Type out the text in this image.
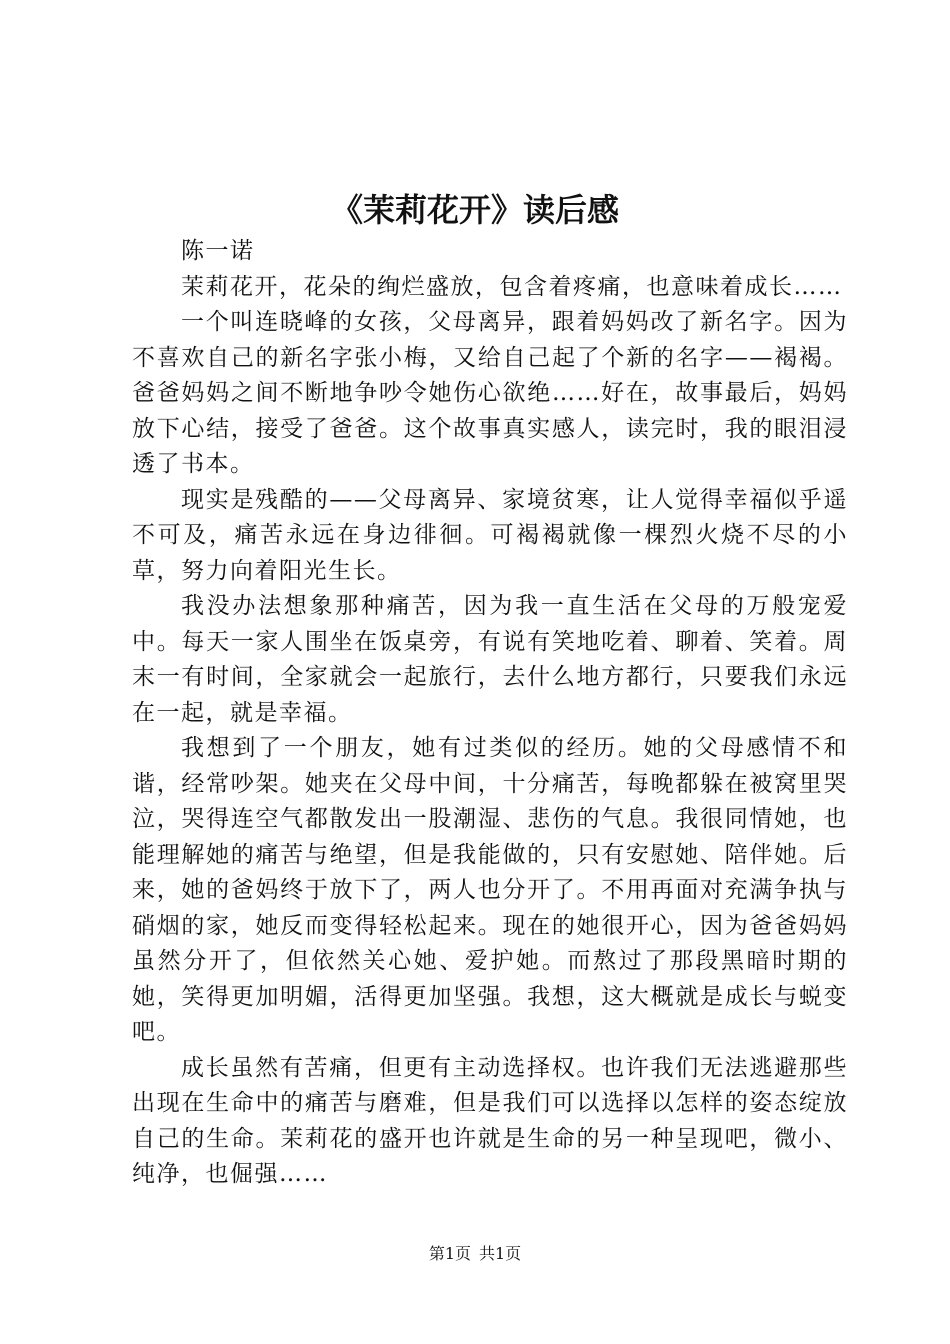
《茉莉花开》读后感

陈一诺

茉莉花开，花朵的绚烂盛放，包含着疼痛，也意味着成长……

一个叫连晓峰的女孩，父母离异，跟着妈妈改了新名字。因为不喜欢自己的新名字张小梅，又给自己起了个新的名字——褐褐。爸爸妈妈之间不断地争吵令她伤心欲绝……好在，故事最后，妈妈放下心结，接受了爸爸。这个故事真实感人，读完时，我的眼泪浸透了书本。

现实是残酷的——父母离异、家境贫寒，让人觉得幸福似乎遥不可及，痛苦永远在身边徘徊。可褐褐就像一棵烈火烧不尽的小草，努力向着阳光生长。

我没办法想象那种痛苦，因为我一直生活在父母的万般宠爱中。每天一家人围坐在饭桌旁，有说有笑地吃着、聊着、笑着。周末一有时间，全家就会一起旅行，去什么地方都行，只要我们永远在一起，就是幸福。

我想到了一个朋友，她有过类似的经历。她的父母感情不和谐，经常吵架。她夹在父母中间，十分痛苦，每晚都躲在被窝里哭泣，哭得连空气都散发出一股潮湿、悲伤的气息。我很同情她，也能理解她的痛苦与绝望，但是我能做的，只有安慰她、陪伴她。后来，她的爸妈终于放下了，两人也分开了。不用再面对充满争执与硝烟的家，她反而变得轻松起来。现在的她很开心，因为爸爸妈妈虽然分开了，但依然关心她、爱护她。而熬过了那段黑暗时期的她，笑得更加明媚，活得更加坚强。我想，这大概就是成长与蜕变吧。

成长虽然有苦痛，但更有主动选择权。也许我们无法逃避那些出现在生命中的痛苦与磨难，但是我们可以选择以怎样的姿态绽放自己的生命。茉莉花的盛开也许就是生命的另一种呈现吧，微小、纯净，也倔强……

第1页 共1页
